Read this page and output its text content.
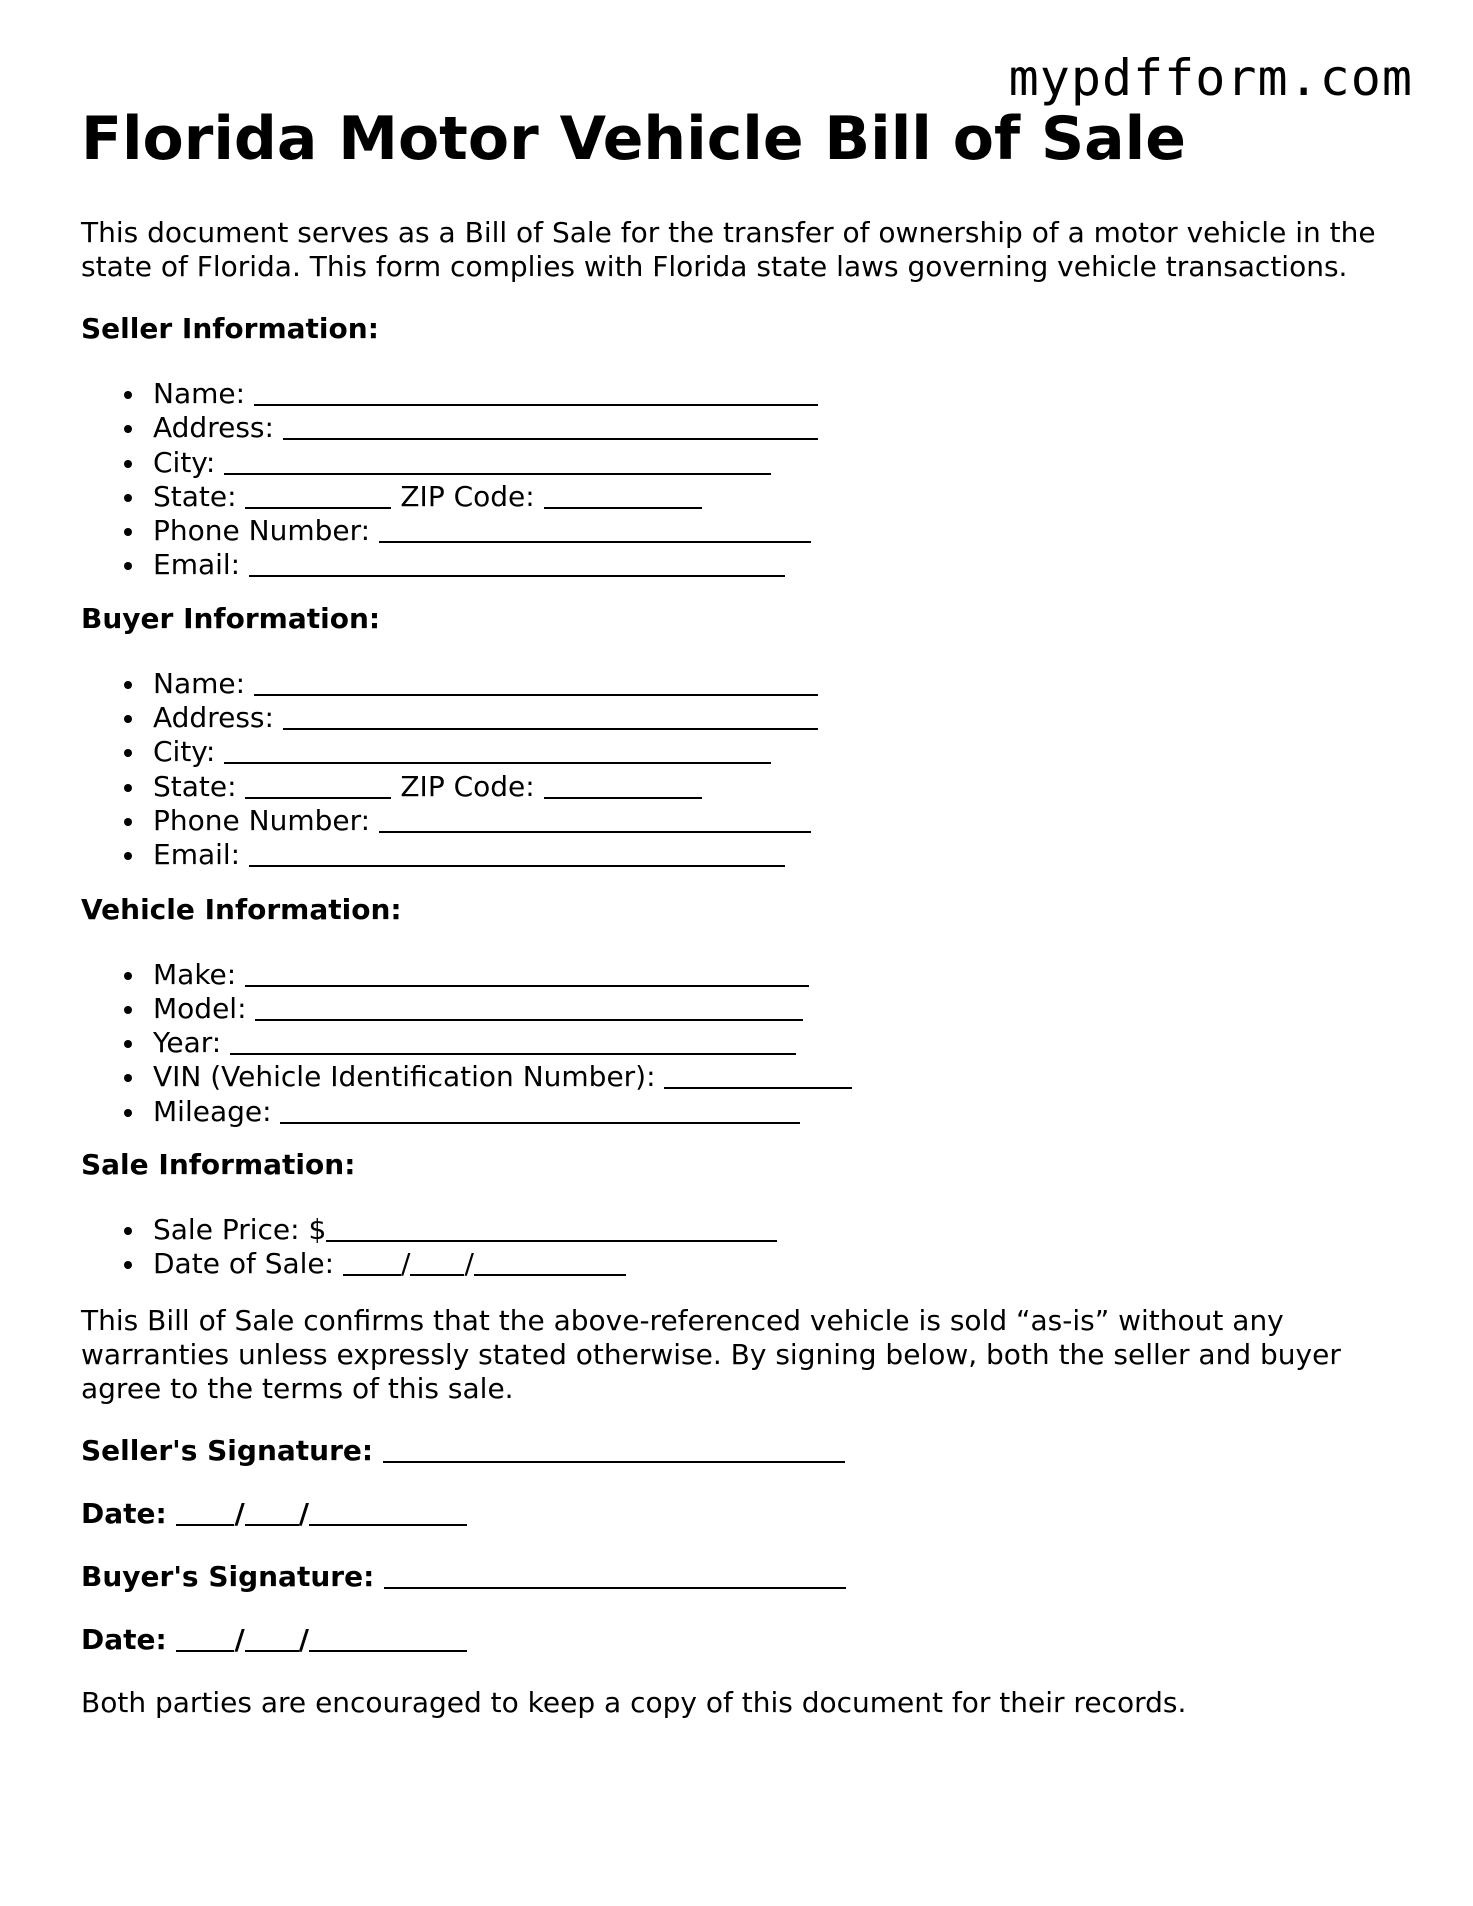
mypdfform.com
Florida Motor Vehicle Bill of Sale

This document serves as a Bill of Sale for the transfer of ownership of a motor vehicle in the state of Florida. This form complies with Florida state laws governing vehicle transactions.

Seller Information:

Name:
Address:
City:
State:	ZIP Code:
Phone Number:
Email:

Buyer Information:

Name:
Address:
City:
State:	ZIP Code:
Phone Number:
Email:

Vehicle Information:

Make:
Model:
Year:
VIN (Vehicle Identification Number):
Mileage:

Sale Information:

Sale Price: $
Date of Sale: / /

This Bill of Sale confirms that the above-referenced vehicle is sold “as-is” without any warranties unless expressly stated otherwise. By signing below, both the seller and buyer agree to the terms of this sale.

Seller's Signature:

Date: / /

Buyer's Signature:

Date: / /

Both parties are encouraged to keep a copy of this document for their records.
